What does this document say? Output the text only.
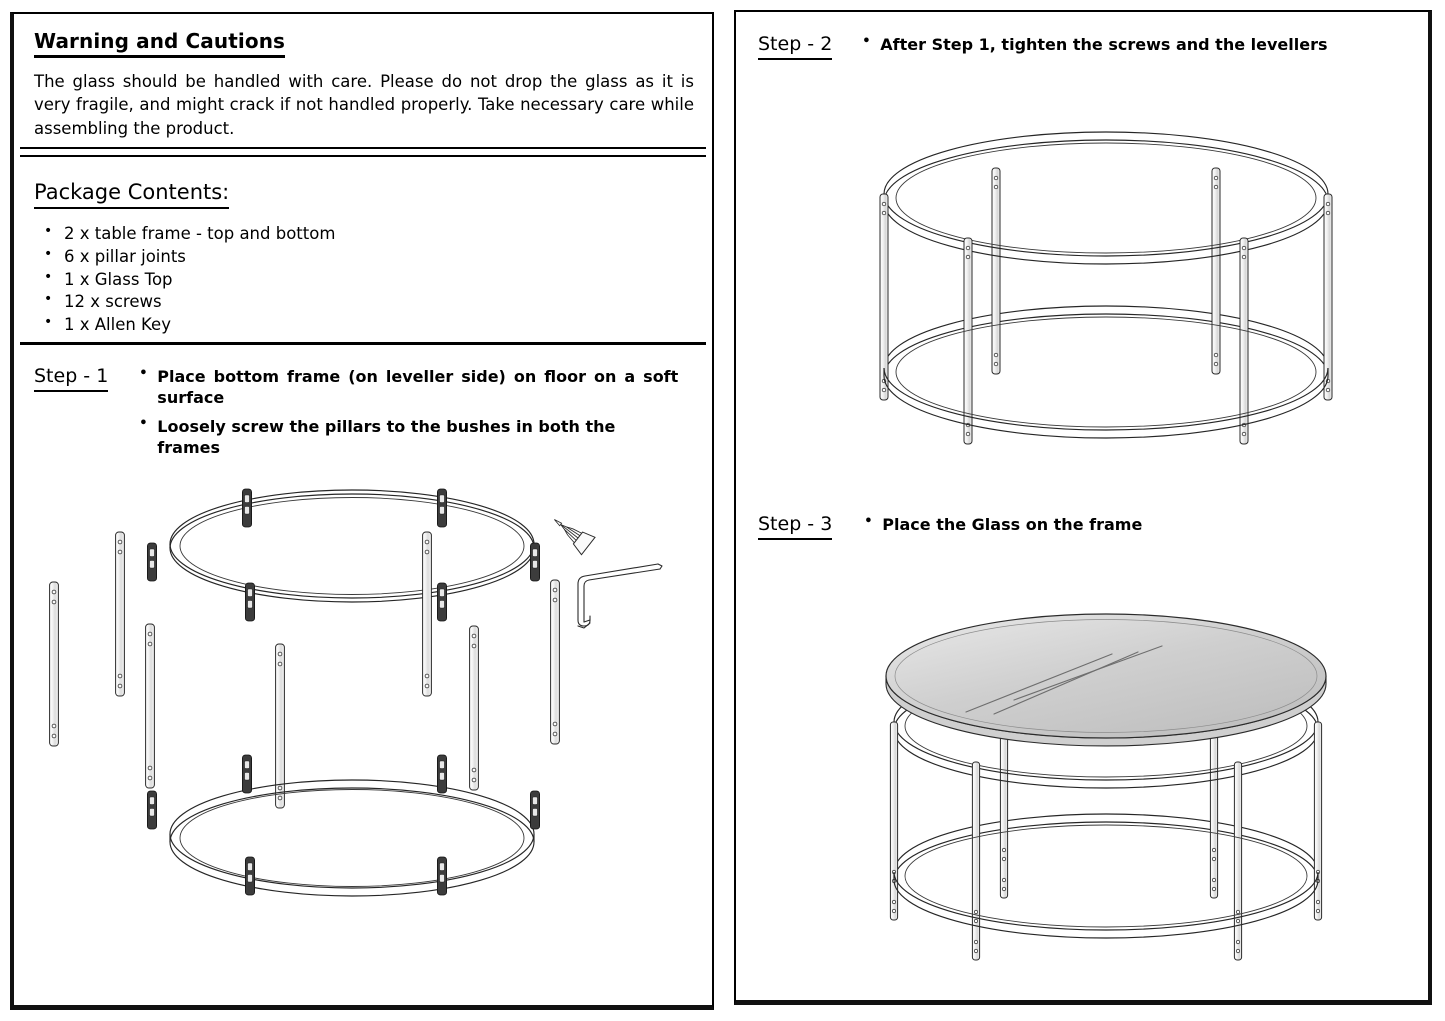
Warning and Cautions
The glass should be handled with care. Please do not drop the glass as it is very fragile, and might crack if not handled properly. Take necessary care while assembling the product.
Package Contents:
• 2 x table frame - top and bottom
• 6 x pillar joints
• 1 x Glass Top
• 12 x screws
• 1 x Allen Key
Step - 1	• Place bottom frame (on leveller side) on floor on a soft surface
• Loosely screw the pillars to the bushes in both the frames
Step - 2	• After Step 1, tighten the screws and the levellers
Step - 3	• Place the Glass on the frame
